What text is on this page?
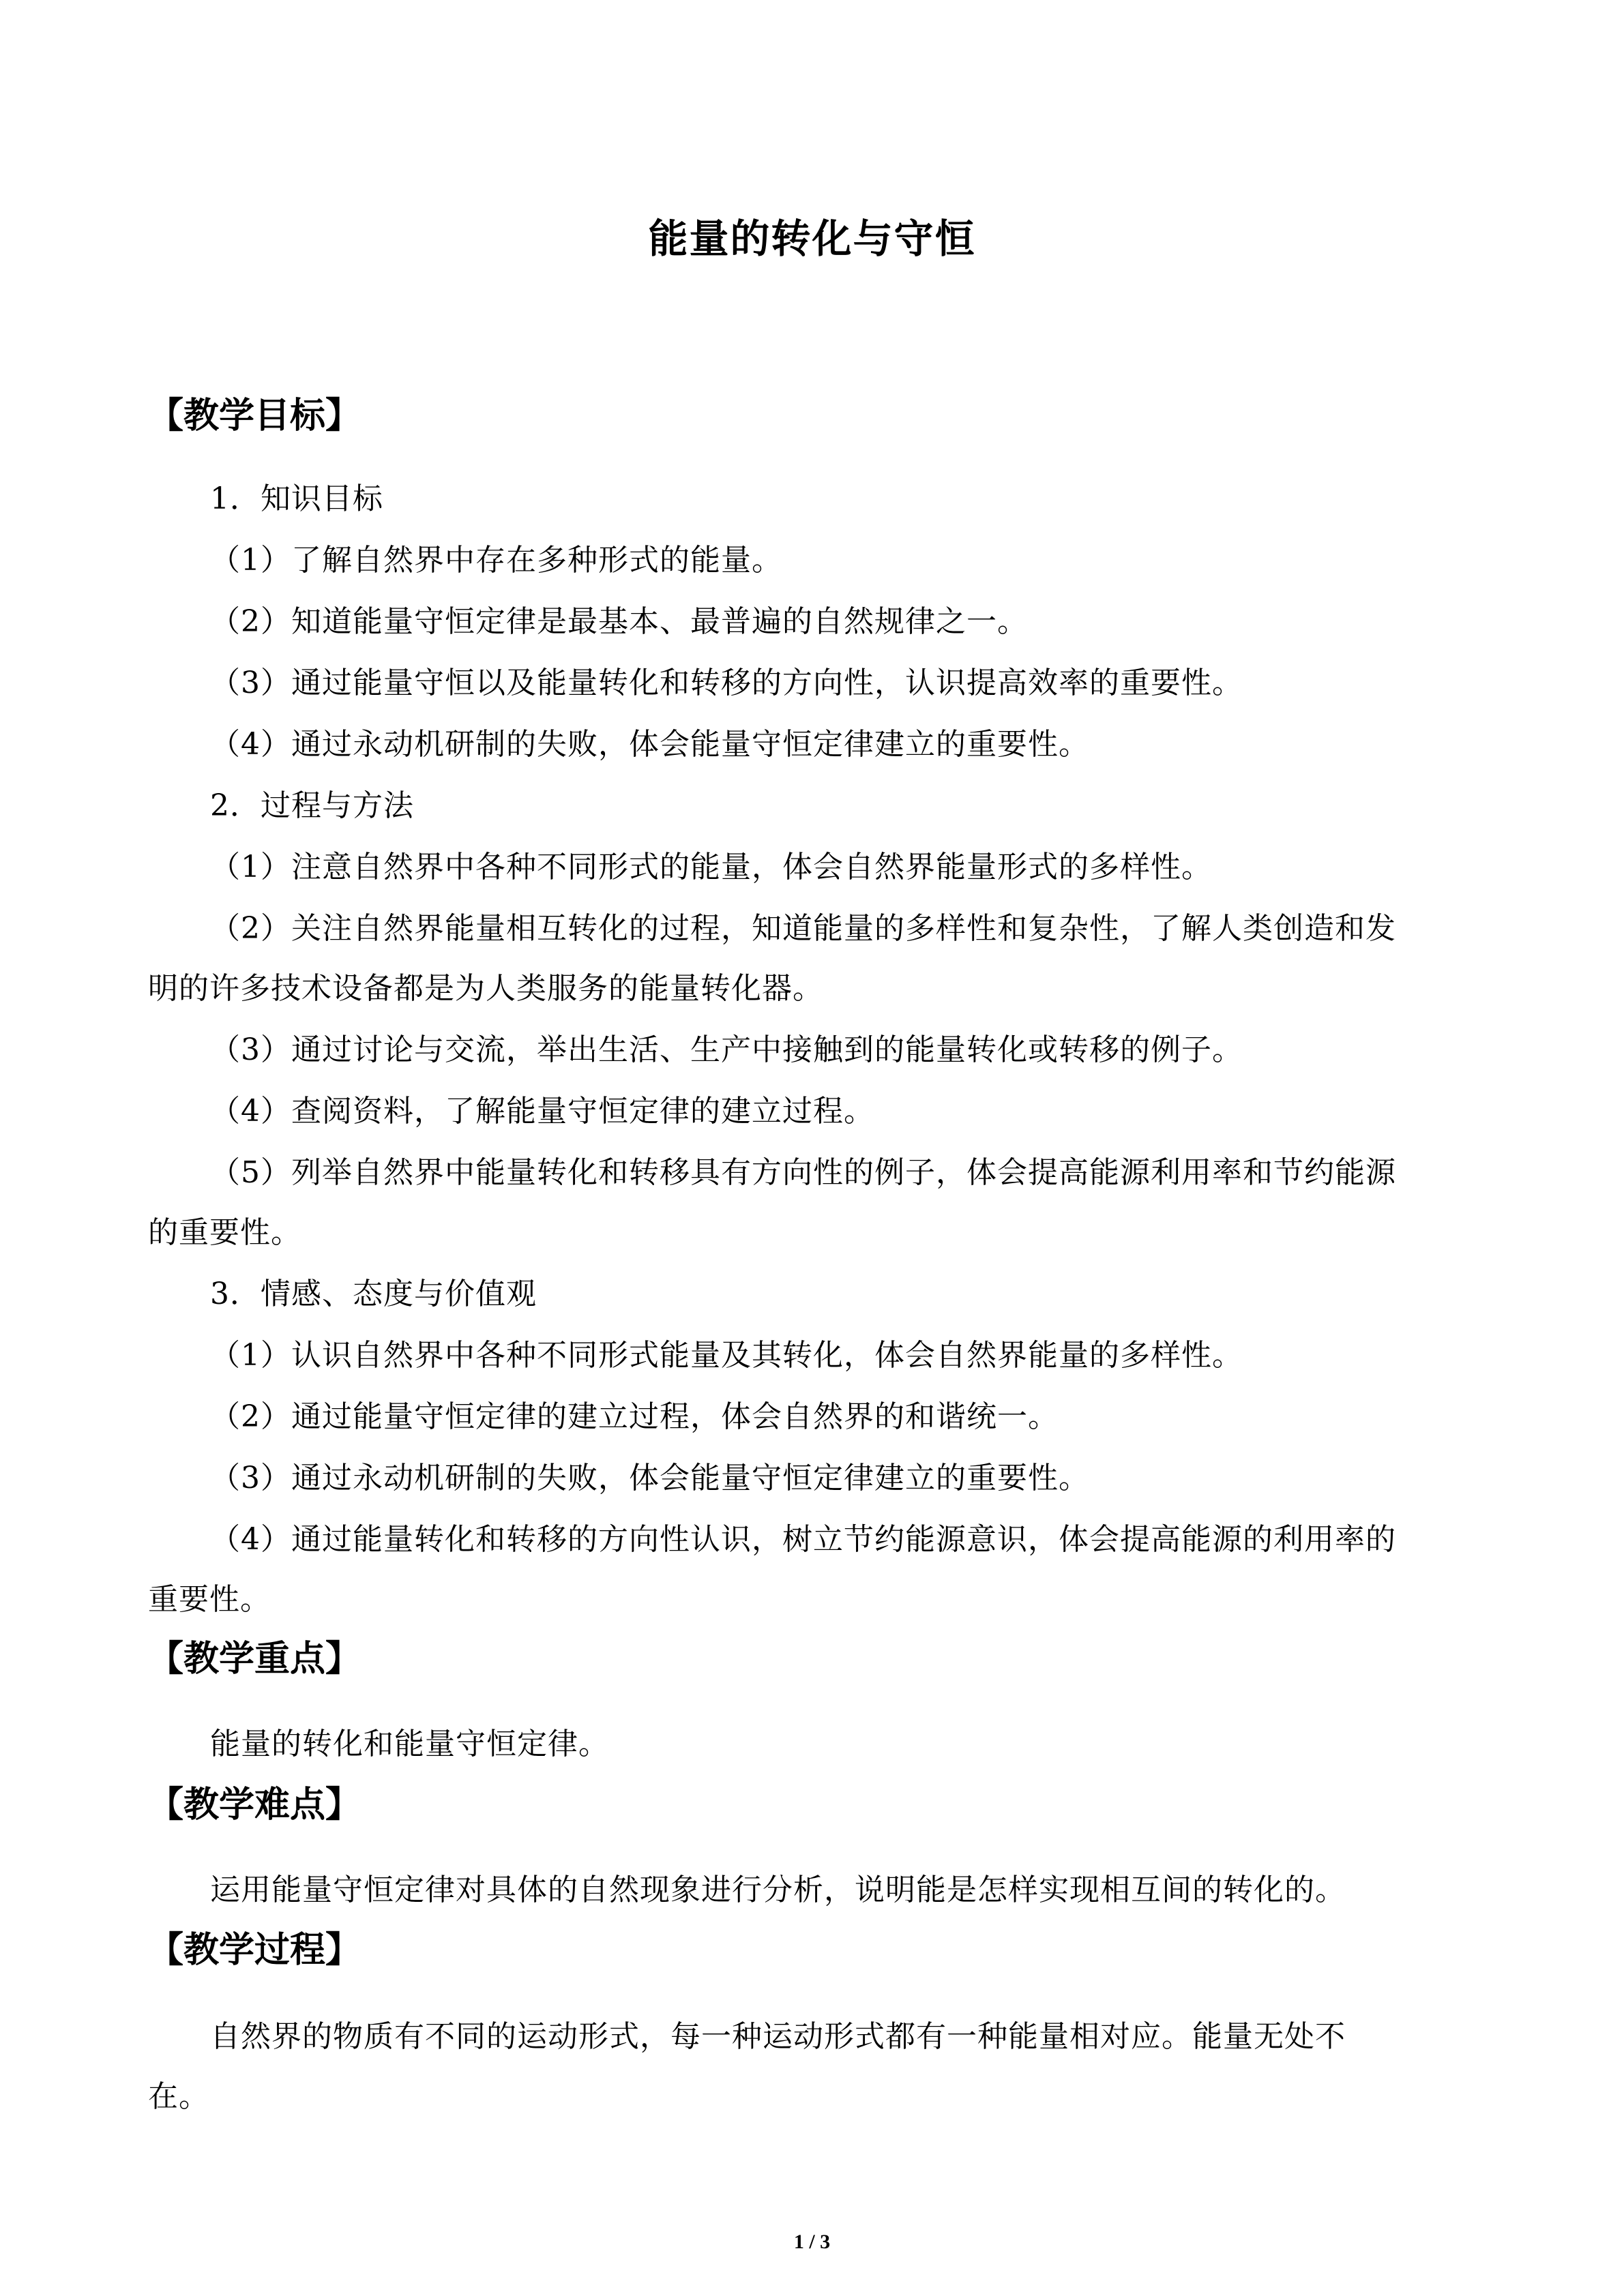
能量的转化与守恒
【教学目标】
1．知识目标
（1）了解自然界中存在多种形式的能量。
（2）知道能量守恒定律是最基本、最普遍的自然规律之一。
（3）通过能量守恒以及能量转化和转移的方向性，认识提高效率的重要性。
（4）通过永动机研制的失败，体会能量守恒定律建立的重要性。
2．过程与方法
（1）注意自然界中各种不同形式的能量，体会自然界能量形式的多样性。
（2）关注自然界能量相互转化的过程，知道能量的多样性和复杂性，了解人类创造和发
明的许多技术设备都是为人类服务的能量转化器。
（3）通过讨论与交流，举出生活、生产中接触到的能量转化或转移的例子。
（4）查阅资料，了解能量守恒定律的建立过程。
（5）列举自然界中能量转化和转移具有方向性的例子，体会提高能源利用率和节约能源
的重要性。
3．情感、态度与价值观
（1）认识自然界中各种不同形式能量及其转化，体会自然界能量的多样性。
（2）通过能量守恒定律的建立过程，体会自然界的和谐统一。
（3）通过永动机研制的失败，体会能量守恒定律建立的重要性。
（4）通过能量转化和转移的方向性认识，树立节约能源意识，体会提高能源的利用率的
重要性。
【教学重点】
能量的转化和能量守恒定律。
【教学难点】
运用能量守恒定律对具体的自然现象进行分析，说明能是怎样实现相互间的转化的。
【教学过程】
自然界的物质有不同的运动形式，每一种运动形式都有一种能量相对应。能量无处不
在。
1 / 3
